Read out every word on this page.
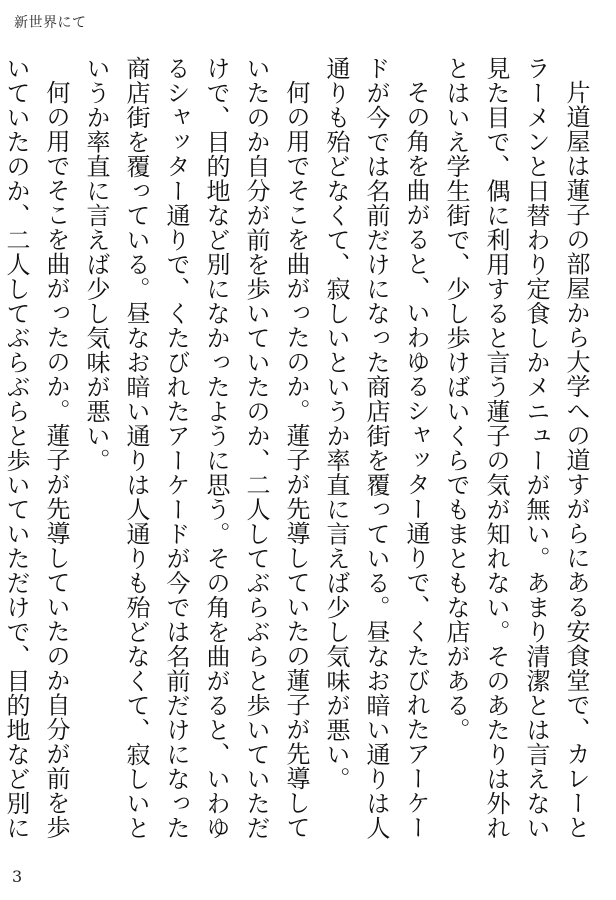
新世界にて

片道屋は蓮子の部屋から大学への道すがらにある安食堂で、カレーとラーメンと日替わり定食しかメニューが無い。あまり清潔とは言えない見た目で、偶に利用すると言う蓮子の気が知れない。そのあたりは外れとはいえ学生街で、少し歩けばいくらでもまともな店がある。

その角を曲がると、いわゆるシャッター通りで、くたびれたアーケードが今では名前だけになった商店街を覆っている。昼なお暗い通りは人通りも殆どなくて、寂しいというか率直に言えば少し気味が悪い。

何の用でそこを曲がったのか。蓮子が先導していたの蓮子が先導していたのか自分が前を歩いていたのか、二人してぶらぶらと歩いていただけで、目的地など別になかったように思う。その角を曲がると、いわゆるシャッター通りで、くたびれたアーケードが今では名前だけになった商店街を覆っている。昼なお暗い通りは人通りも殆どなくて、寂しいというか率直に言えば少し気味が悪い。

何の用でそこを曲がったのか。蓮子が先導していたのか自分が前を歩いていたのか、二人してぶらぶらと歩いていただけで、目的地など別に

3
